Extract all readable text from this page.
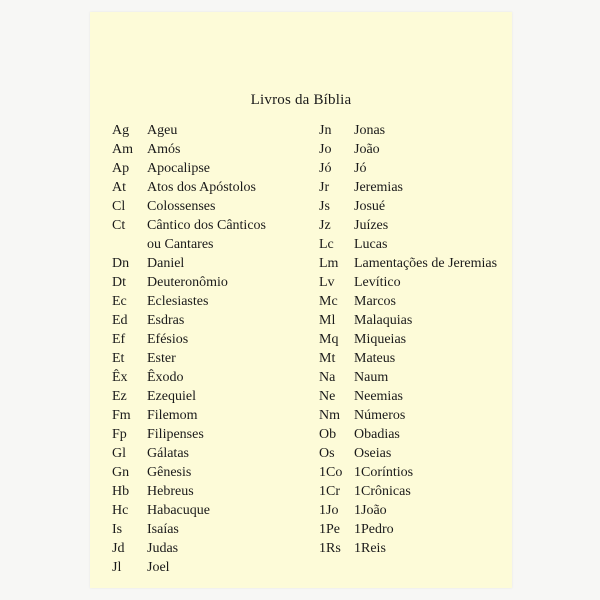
Livros da Bíblia
Ag	Ageu
Am	Amós
Ap	Apocalipse
At	Atos dos Apóstolos
Cl	Colossenses
Ct	Cântico dos Cânticos
ou Cantares
Dn	Daniel
Dt	Deuteronômio
Ec	Eclesiastes
Ed	Esdras
Ef	Efésios
Et	Ester
Êx	Êxodo
Ez	Ezequiel
Fm	Filemom
Fp	Filipenses
Gl	Gálatas
Gn	Gênesis
Hb	Hebreus
Hc	Habacuque
Is	Isaías
Jd	Judas
Jl	Joel
Jn	Jonas
Jo	João
Jó	Jó
Jr	Jeremias
Js	Josué
Jz	Juízes
Lc	Lucas
Lm	Lamentações de Jeremias
Lv	Levítico
Mc	Marcos
Ml	Malaquias
Mq	Miqueias
Mt	Mateus
Na	Naum
Ne	Neemias
Nm	Números
Ob	Obadias
Os	Oseias
1Co 1Coríntios
1Cr	1Crônicas
1Jo	1João
1Pe	1Pedro
1Rs 1Reis
